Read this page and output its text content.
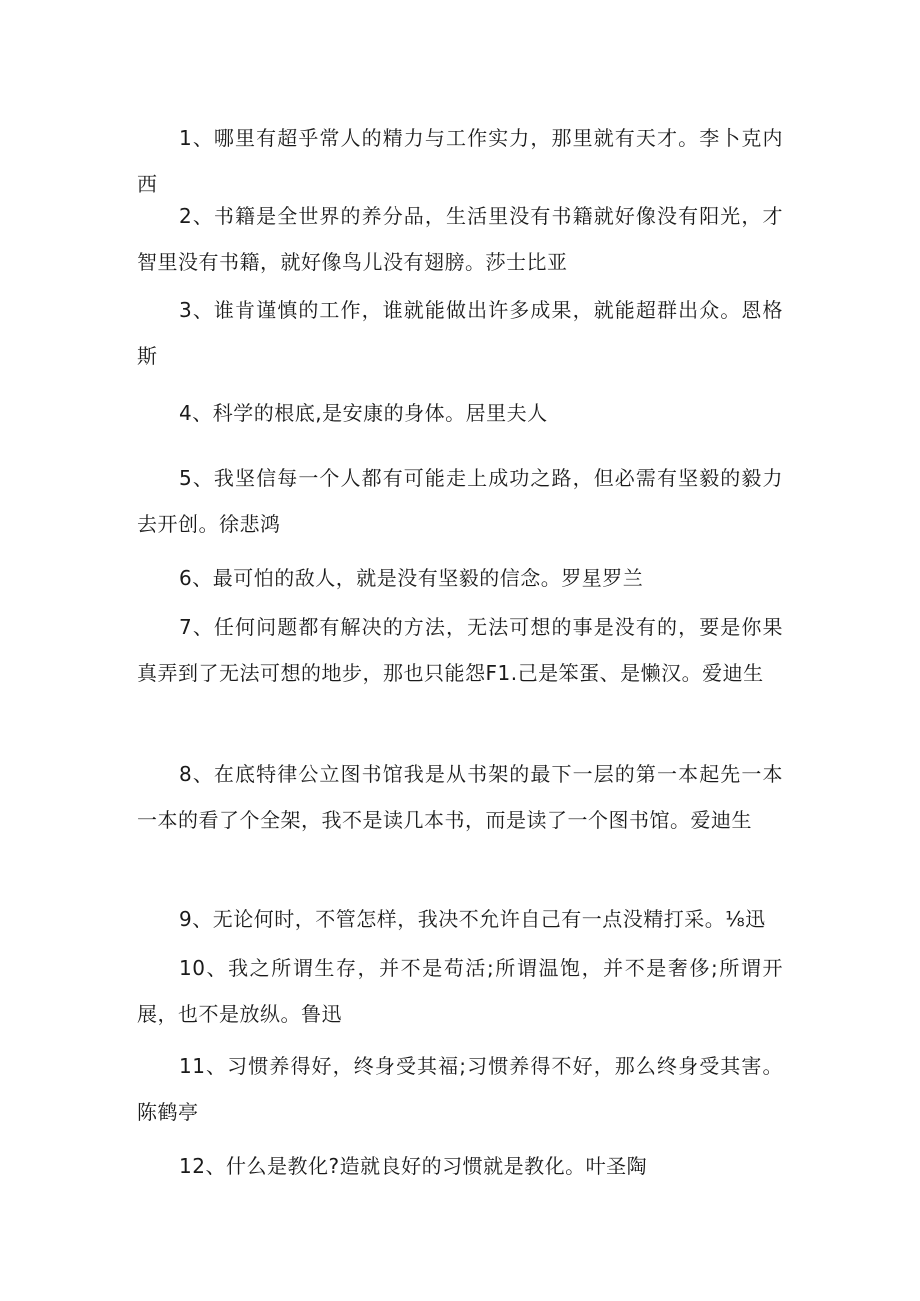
1、哪里有超乎常人的精力与工作实力，那里就有天才。李卜克内西

2、书籍是全世界的养分品，生活里没有书籍就好像没有阳光，才智里没有书籍，就好像鸟儿没有翅膀。莎士比亚

3、谁肯谨慎的工作，谁就能做出许多成果，就能超群出众。恩格斯

4、科学的根底,是安康的身体。居里夫人

5、我坚信每一个人都有可能走上成功之路，但必需有坚毅的毅力去开创。徐悲鸿

6、最可怕的敌人，就是没有坚毅的信念。罗星罗兰

7、任何问题都有解决的方法，无法可想的事是没有的，要是你果真弄到了无法可想的地步，那也只能怨F1.己是笨蛋、是懒汉。爱迪生

8、在底特律公立图书馆我是从书架的最下一层的第一本起先一本一本的看了个全架，我不是读几本书，而是读了一个图书馆。爱迪生

9、无论何时，不管怎样，我决不允许自己有一点没精打采。⅛迅

10、我之所谓生存，并不是苟活;所谓温饱，并不是奢侈;所谓开展，也不是放纵。鲁迅

11、习惯养得好，终身受其福;习惯养得不好，那么终身受其害。陈鹤亭

12、什么是教化?造就良好的习惯就是教化。叶圣陶
